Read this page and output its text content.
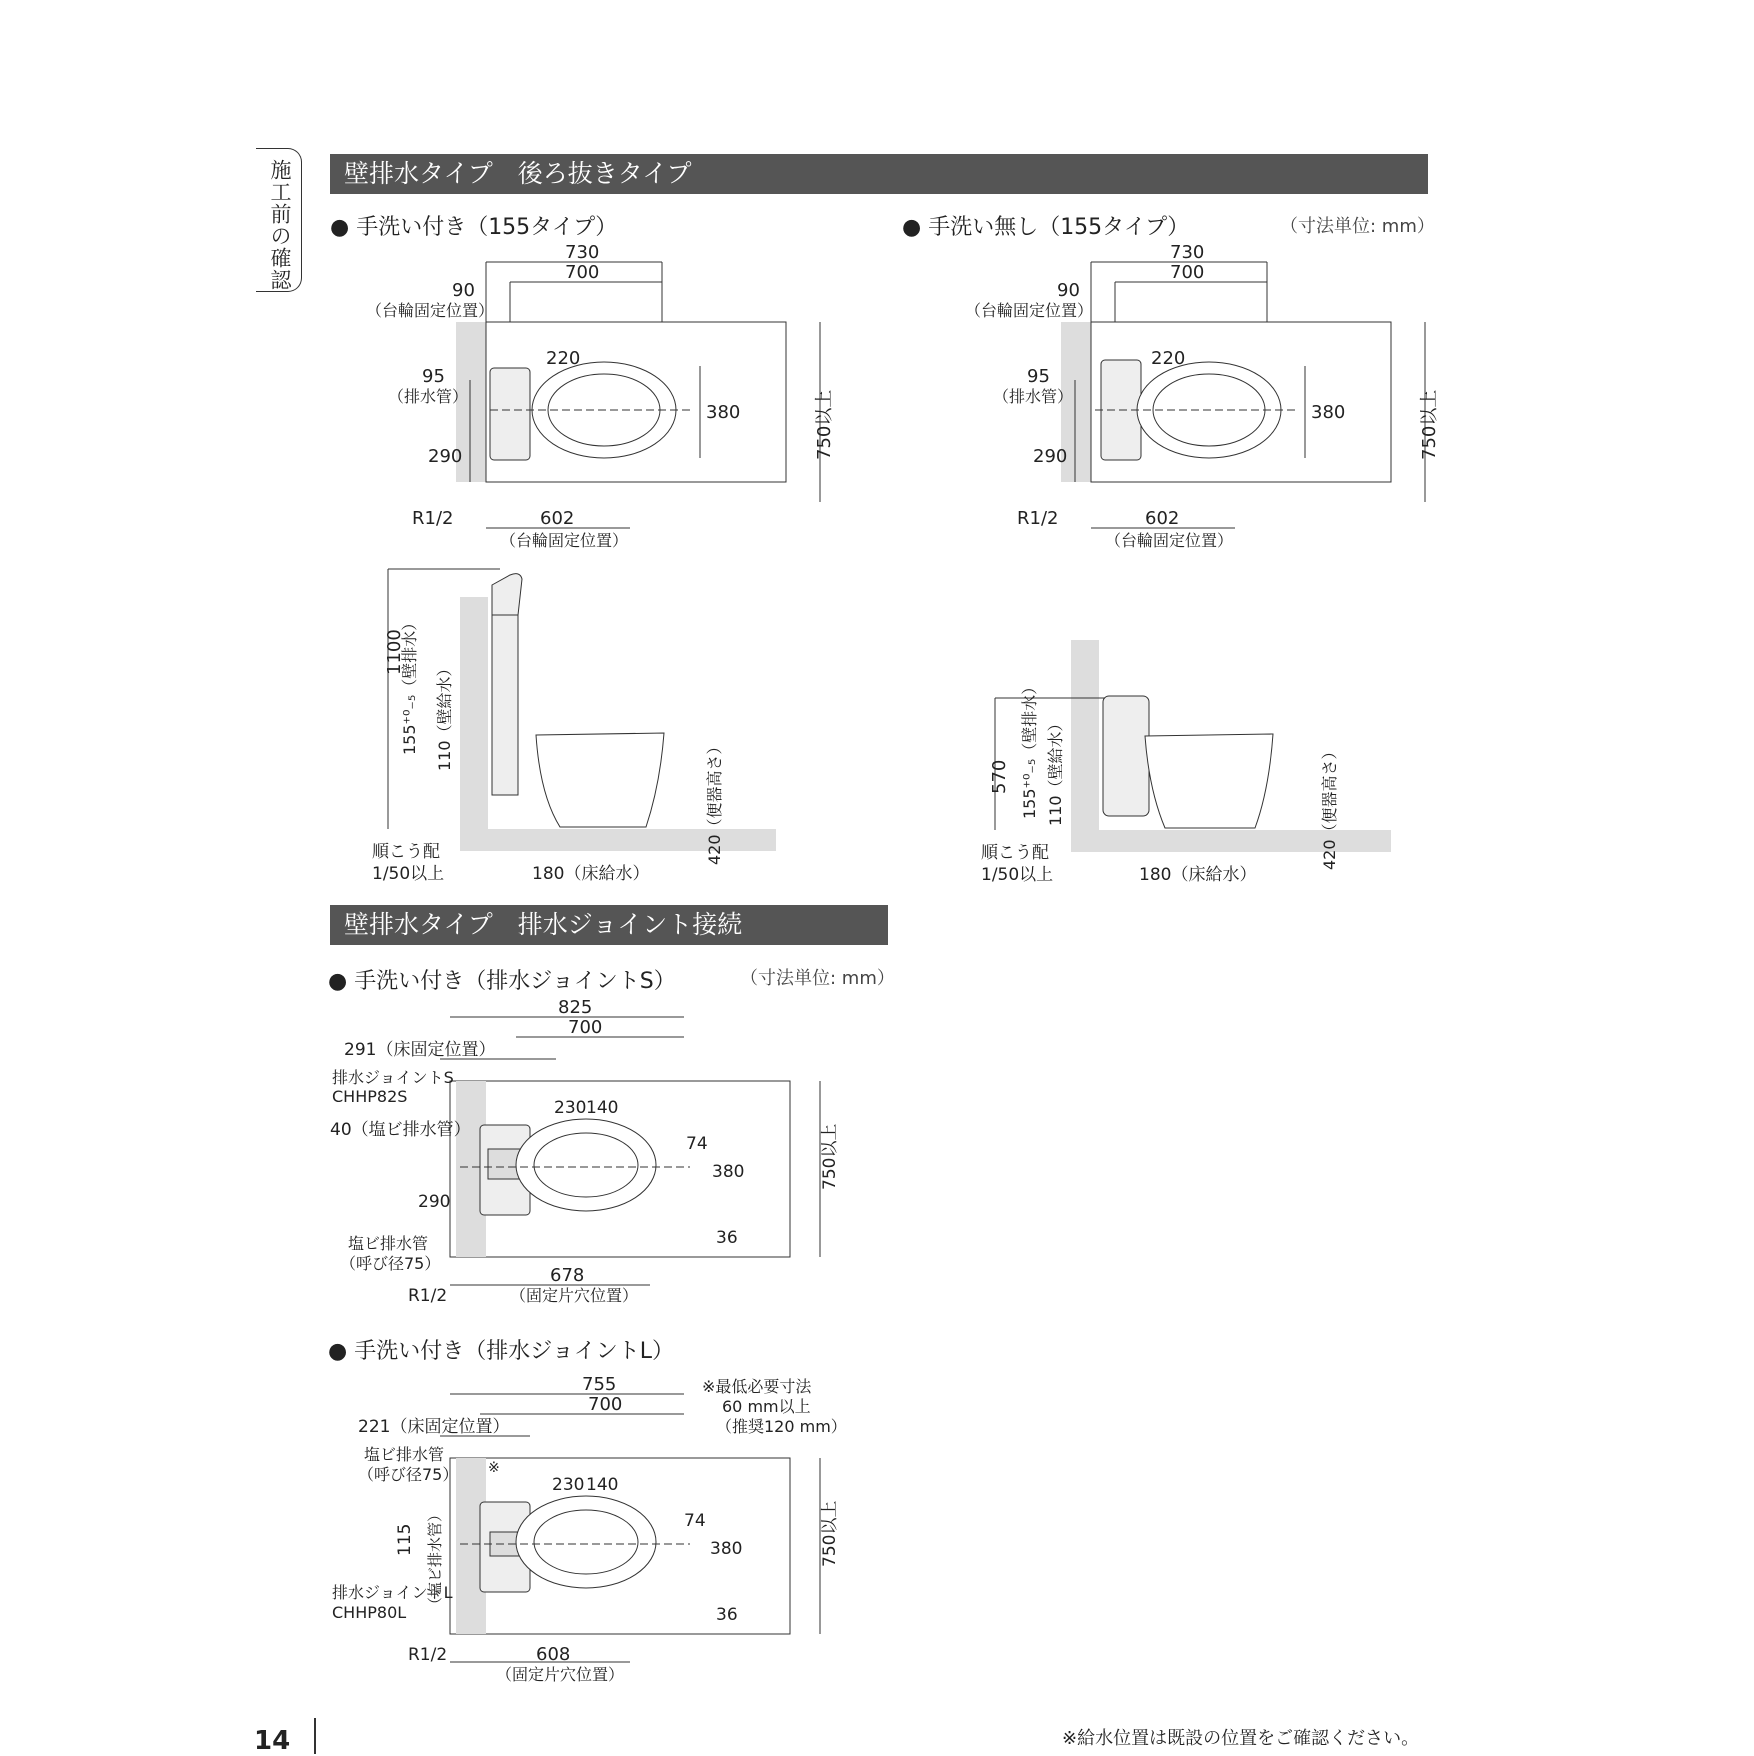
施工前の確認	壁排水タイプ　後ろ抜きタイプ
● 手洗い付き（155タイプ）	● 手洗い無し（155タイプ）	（寸法単位: mm）
730
700
90
（台輪固定位置）
220
95
（排水管）
380	750以上
290
R1/2	602
（台輪固定位置）
730
700
90
（台輪固定位置）
220
95
（排水管）
380	750以上
290
R1/2	602
（台輪固定位置）
1100
155⁺⁰₋₅（壁排水） 110（壁給水）
420（便器高さ）
順こう配
1/50以上	180（床給水）
570 155⁺⁰₋₅（壁排水） 110（壁給水）	420（便器高さ）
順こう配
1/50以上	180（床給水）
壁排水タイプ　排水ジョイント接続
● 手洗い付き（排水ジョイントS）	（寸法単位: mm）
825
700
291（床固定位置）
排水ジョイントS
CHHP82S
40（塩ビ排水管）
230 140
74
380	750以上
290
塩ビ排水管
（呼び径75）
36
678
（固定片穴位置）
R1/2
● 手洗い付き（排水ジョイントL）
755
700
※最低必要寸法
60 mm以上
（推奨120 mm）
221（床固定位置）
塩ビ排水管
（呼び径75） ※
230 140
74
380	750以上
115 （塩ビ排水管）
排水ジョイントL
CHHP80L	36
R1/2	608
（固定片穴位置）
※給水位置は既設の位置をご確認ください。
14
